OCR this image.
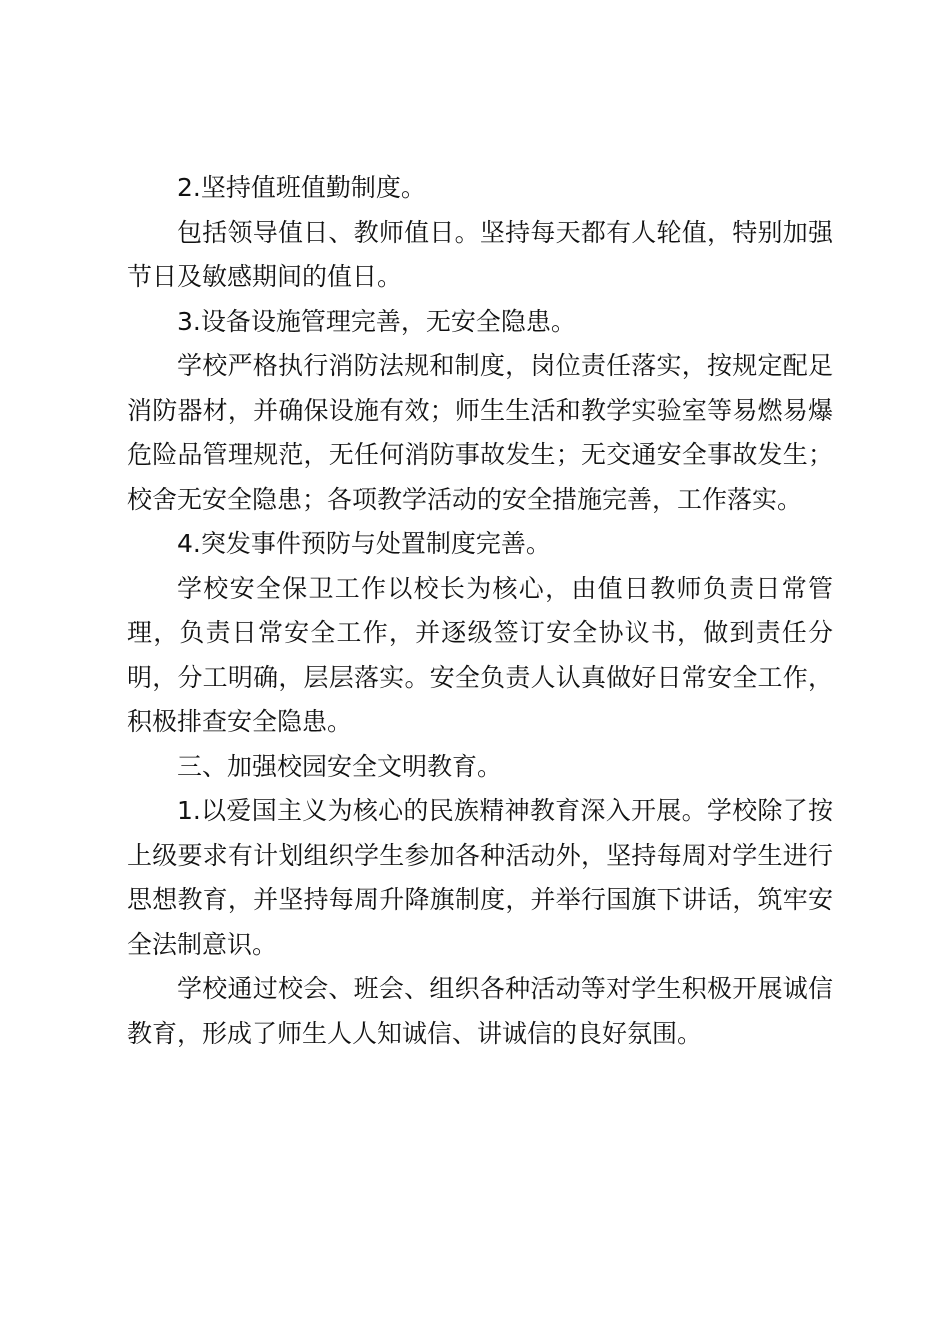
2.坚持值班值勤制度。

包括领导值日、教师值日。坚持每天都有人轮值，特别加强节日及敏感期间的值日。

3.设备设施管理完善，无安全隐患。

学校严格执行消防法规和制度，岗位责任落实，按规定配足消防器材，并确保设施有效；师生生活和教学实验室等易燃易爆危险品管理规范，无任何消防事故发生；无交通安全事故发生；校舍无安全隐患；各项教学活动的安全措施完善，工作落实。

4.突发事件预防与处置制度完善。

学校安全保卫工作以校长为核心，由值日教师负责日常管理，负责日常安全工作，并逐级签订安全协议书，做到责任分明，分工明确，层层落实。安全负责人认真做好日常安全工作，积极排查安全隐患。

三、加强校园安全文明教育。

1.以爱国主义为核心的民族精神教育深入开展。学校除了按上级要求有计划组织学生参加各种活动外，坚持每周对学生进行思想教育，并坚持每周升降旗制度，并举行国旗下讲话，筑牢安全法制意识。

学校通过校会、班会、组织各种活动等对学生积极开展诚信教育，形成了师生人人知诚信、讲诚信的良好氛围。
